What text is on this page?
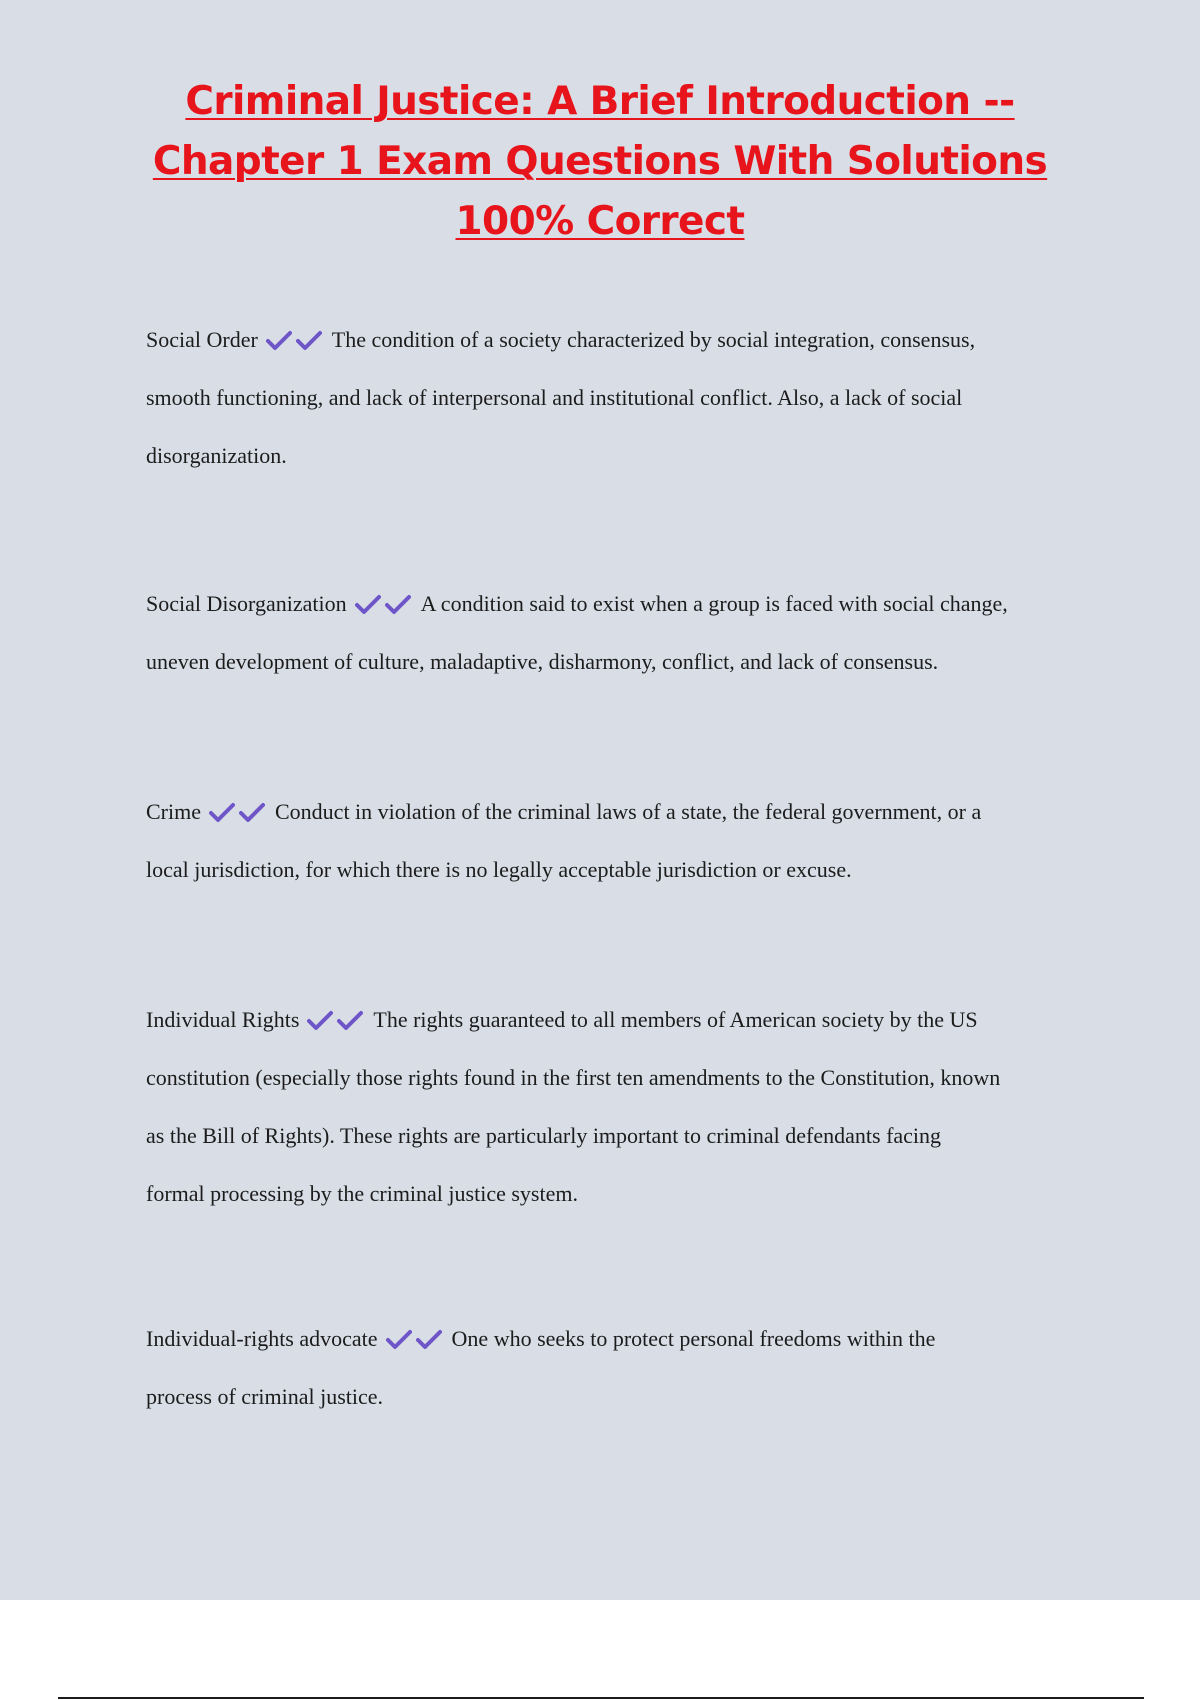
Criminal Justice: A Brief Introduction --
Chapter 1 Exam Questions With Solutions
100% Correct
Social Order	The condition of a society characterized by social integration, consensus,
smooth functioning, and lack of interpersonal and institutional conflict. Also, a lack of social
disorganization.
Social Disorganization	A condition said to exist when a group is faced with social change,
uneven development of culture, maladaptive, disharmony, conflict, and lack of consensus.
Crime	Conduct in violation of the criminal laws of a state, the federal government, or a
local jurisdiction, for which there is no legally acceptable jurisdiction or excuse.
Individual Rights	The rights guaranteed to all members of American society by the US
constitution (especially those rights found in the first ten amendments to the Constitution, known
as the Bill of Rights). These rights are particularly important to criminal defendants facing
formal processing by the criminal justice system.
Individual-rights advocate	One who seeks to protect personal freedoms within the
process of criminal justice.
